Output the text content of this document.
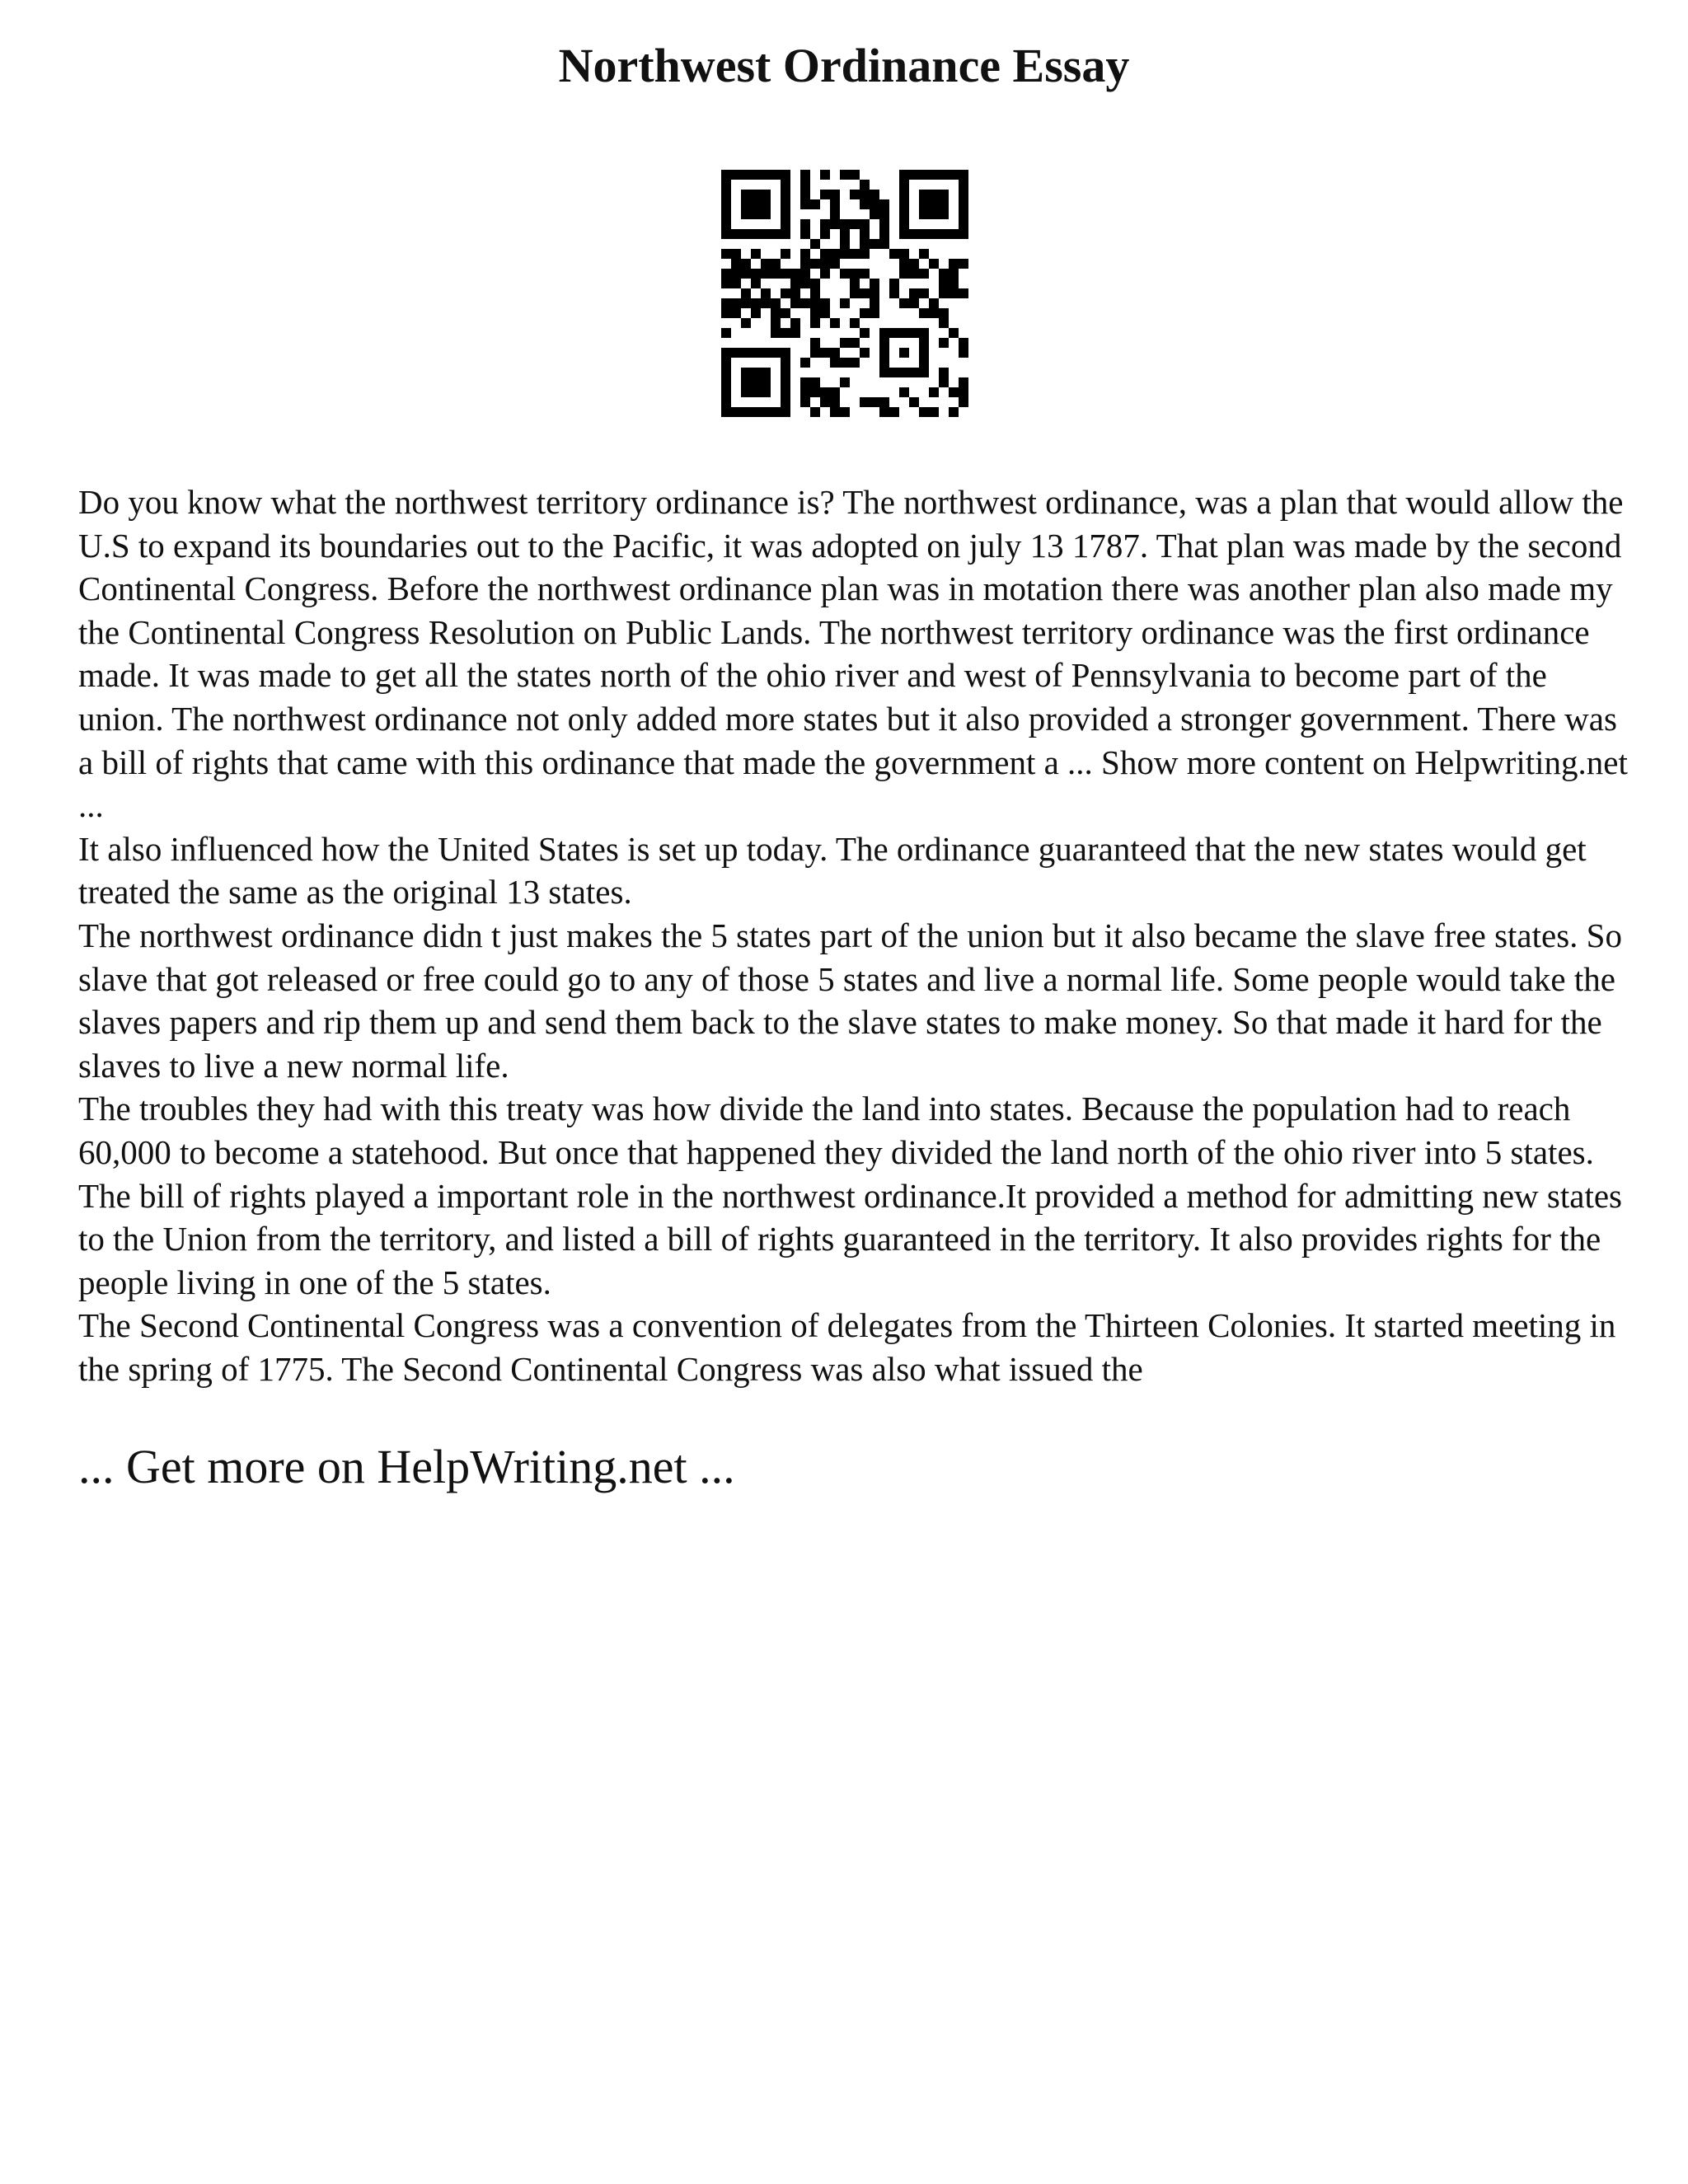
Northwest Ordinance Essay

Do you know what the northwest territory ordinance is? The northwest ordinance, was a plan that would allow the U.S to expand its boundaries out to the Pacific, it was adopted on july 13 1787. That plan was made by the second Continental Congress. Before the northwest ordinance plan was in motation there was another plan also made my the Continental Congress Resolution on Public Lands. The northwest territory ordinance was the first ordinance made. It was made to get all the states north of the ohio river and west of Pennsylvania to become part of the union. The northwest ordinance not only added more states but it also provided a stronger government. There was a bill of rights that came with this ordinance that made the government a ... Show more content on Helpwriting.net ...

It also influenced how the United States is set up today. The ordinance guaranteed that the new states would get treated the same as the original 13 states.

The northwest ordinance didn t just makes the 5 states part of the union but it also became the slave free states. So slave that got released or free could go to any of those 5 states and live a normal life. Some people would take the slaves papers and rip them up and send them back to the slave states to make money. So that made it hard for the slaves to live a new normal life.

The troubles they had with this treaty was how divide the land into states. Because the population had to reach 60,000 to become a statehood. But once that happened they divided the land north of the ohio river into 5 states. The bill of rights played a important role in the northwest ordinance.It provided a method for admitting new states to the Union from the territory, and listed a bill of rights guaranteed in the territory. It also provides rights for the people living in one of the 5 states.

The Second Continental Congress was a convention of delegates from the Thirteen Colonies. It started meeting in the spring of 1775. The Second Continental Congress was also what issued the

... Get more on HelpWriting.net ...
